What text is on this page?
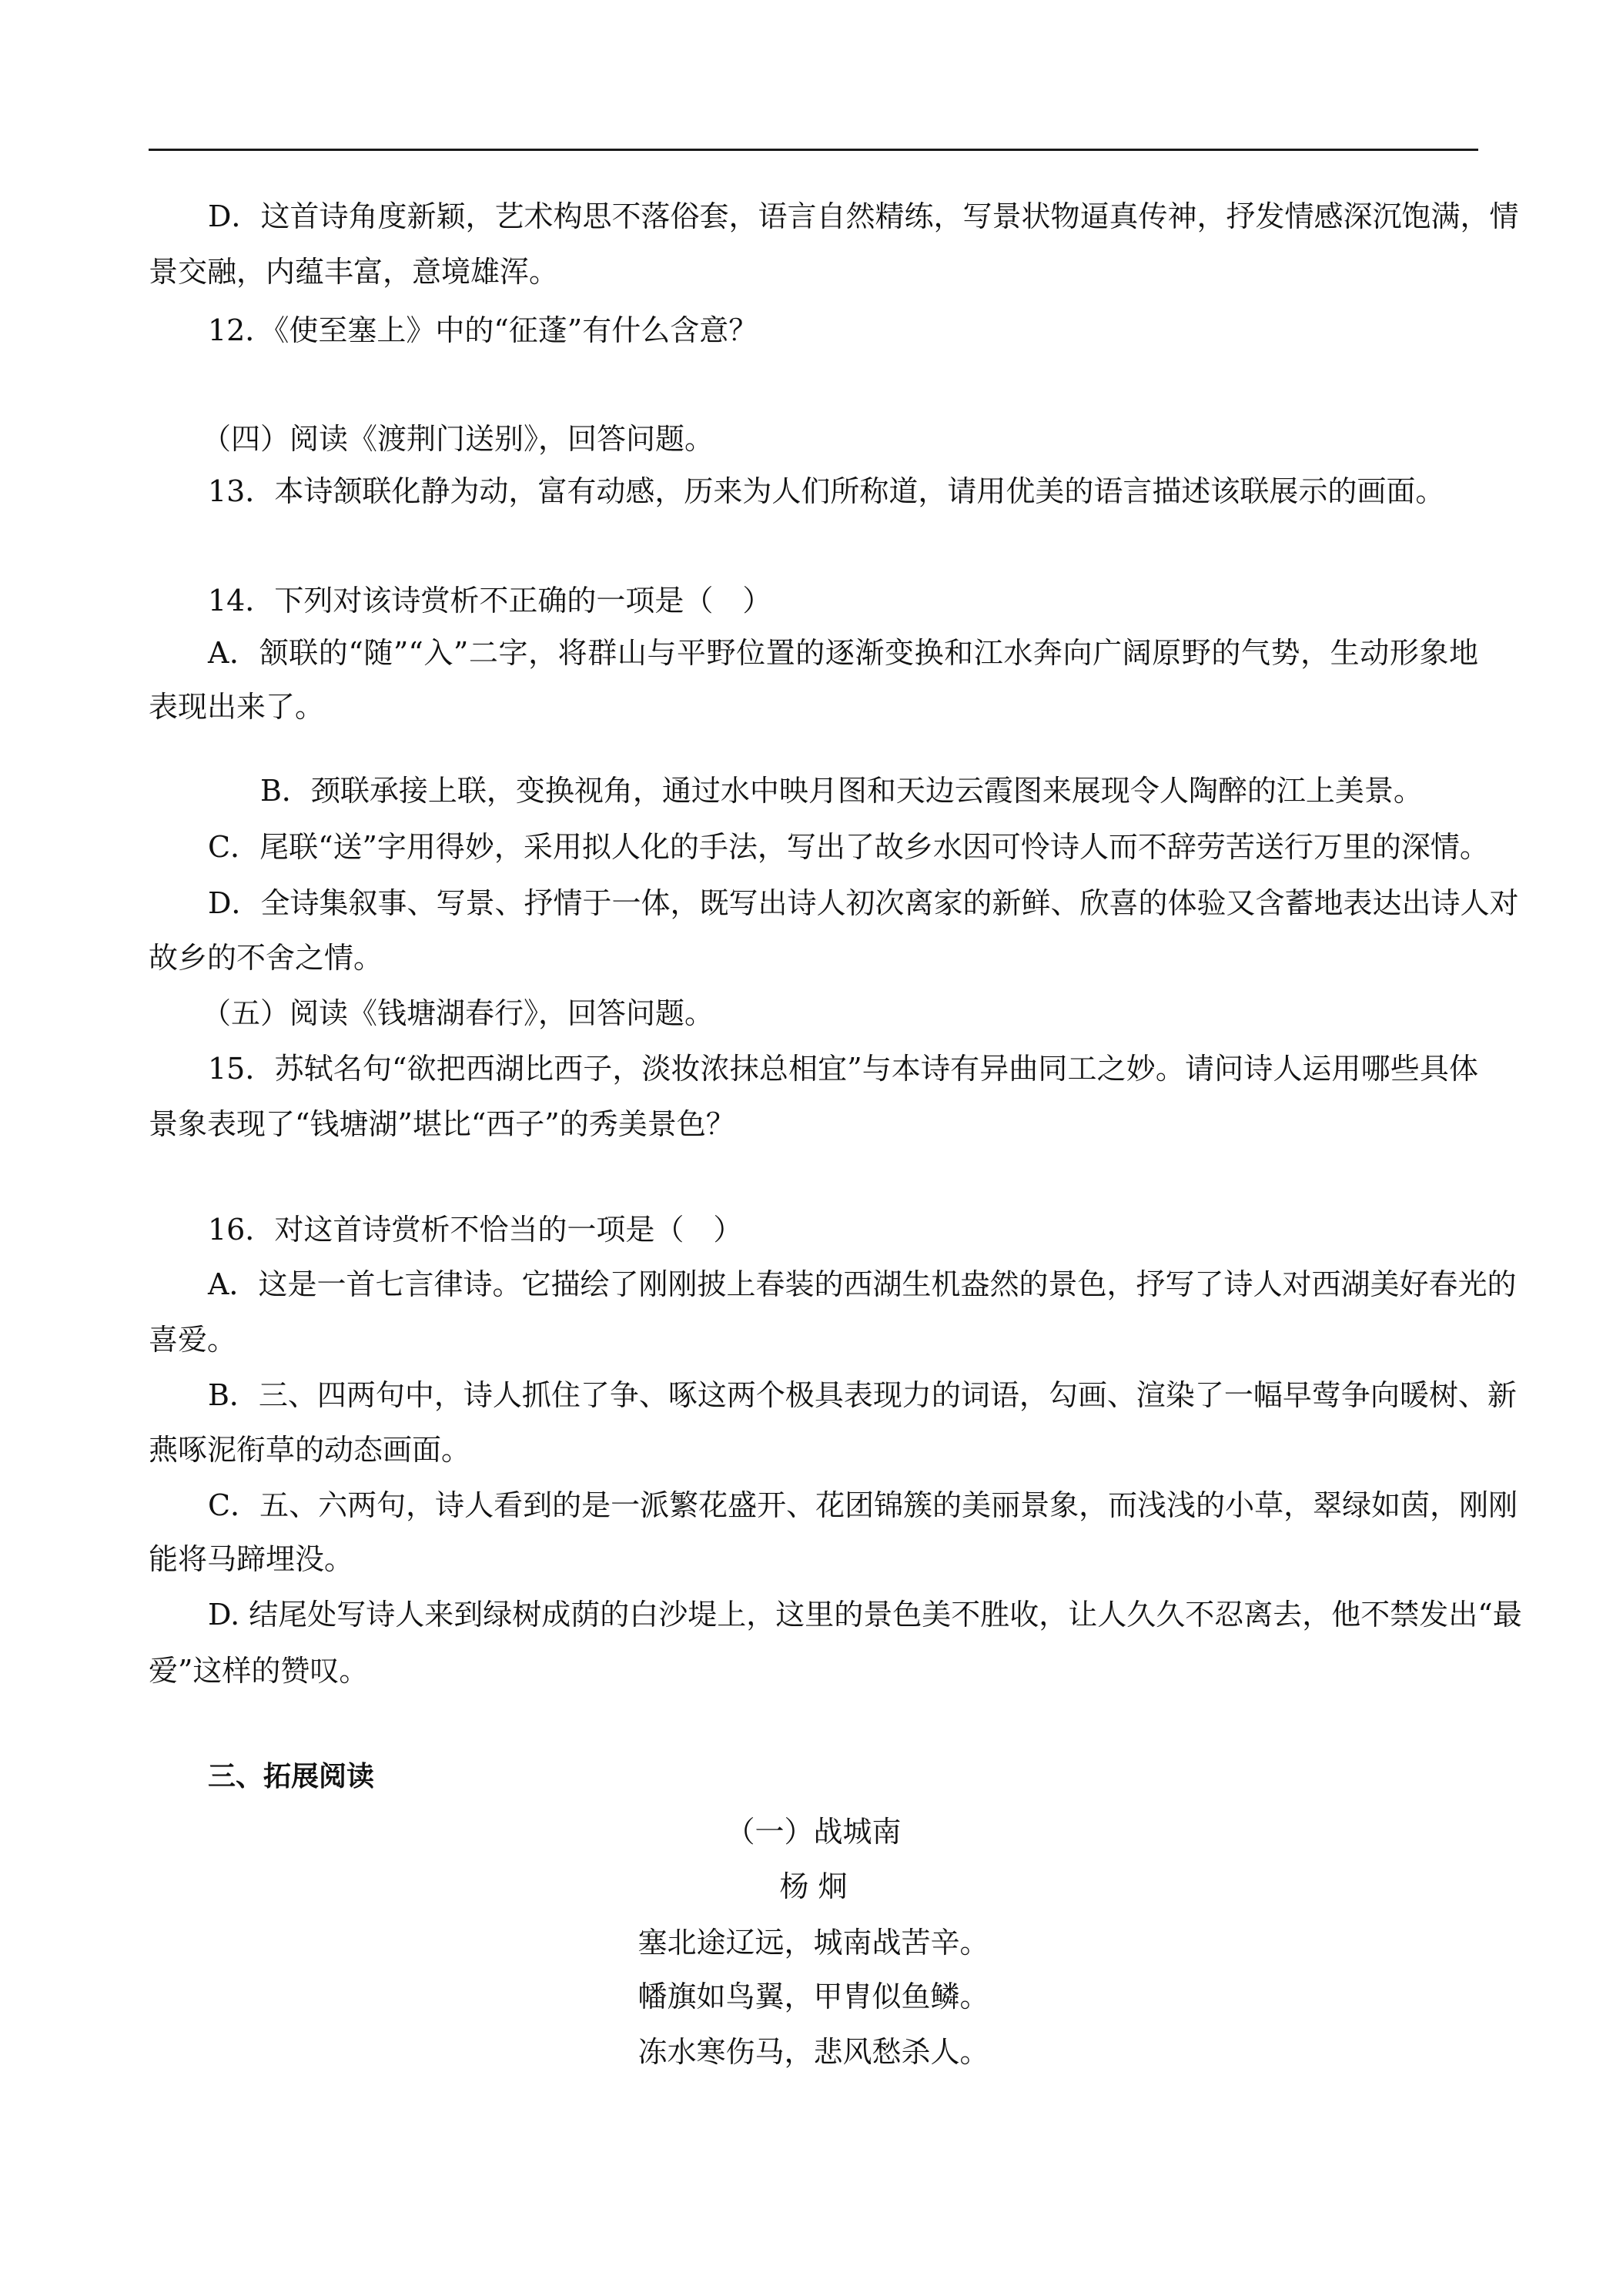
D．这首诗角度新颖，艺术构思不落俗套，语言自然精练，写景状物逼真传神，抒发情感深沉饱满，情
景交融，内蕴丰富，意境雄浑。
12．《使至塞上》中的“征蓬”有什么含意？
（四）阅读《渡荆门送别》，回答问题。
13．本诗颔联化静为动，富有动感，历来为人们所称道，请用优美的语言描述该联展示的画面。
14．下列对该诗赏析不正确的一项是（　）
A．颔联的“随”“入”二字，将群山与平野位置的逐渐变换和江水奔向广阔原野的气势，生动形象地
表现出来了。
B．颈联承接上联，变换视角，通过水中映月图和天边云霞图来展现令人陶醉的江上美景。
C．尾联“送”字用得妙，采用拟人化的手法，写出了故乡水因可怜诗人而不辞劳苦送行万里的深情。
D．全诗集叙事、写景、抒情于一体，既写出诗人初次离家的新鲜、欣喜的体验又含蓄地表达出诗人对
故乡的不舍之情。
（五）阅读《钱塘湖春行》，回答问题。
15．苏轼名句“欲把西湖比西子，淡妆浓抹总相宜”与本诗有异曲同工之妙。请问诗人运用哪些具体
景象表现了“钱塘湖”堪比“西子”的秀美景色？
16．对这首诗赏析不恰当的一项是（　）
A．这是一首七言律诗。它描绘了刚刚披上春装的西湖生机盎然的景色，抒写了诗人对西湖美好春光的
喜爱。
B．三、四两句中，诗人抓住了争、啄这两个极具表现力的词语，勾画、渲染了一幅早莺争向暖树、新
燕啄泥衔草的动态画面。
C．五、六两句，诗人看到的是一派繁花盛开、花团锦簇的美丽景象，而浅浅的小草，翠绿如茵，刚刚
能将马蹄埋没。
D. 结尾处写诗人来到绿树成荫的白沙堤上，这里的景色美不胜收，让人久久不忍离去，他不禁发出“最
爱”这样的赞叹。
三、拓展阅读
（一）战城南
杨 炯
塞北途辽远，城南战苦辛。
幡旗如鸟翼，甲胄似鱼鳞。
冻水寒伤马，悲风愁杀人。
